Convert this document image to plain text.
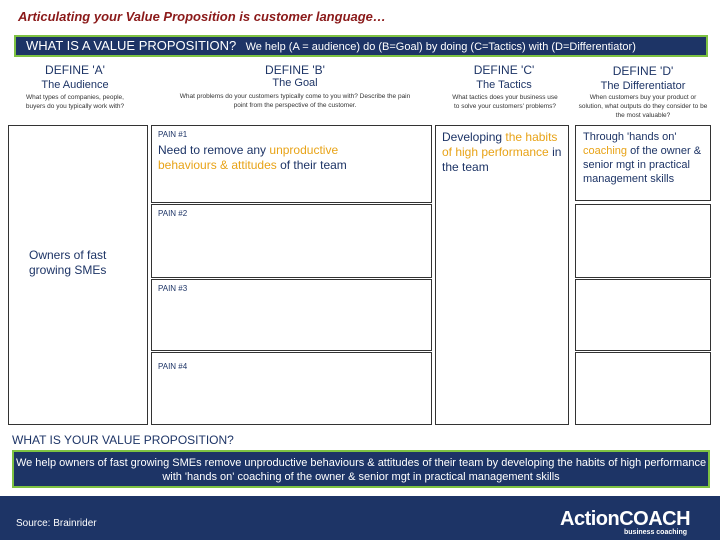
Articulating your Value Proposition is customer language…
WHAT IS A VALUE PROPOSITION? We help (A = audience) do (B=Goal) by doing (C=Tactics) with (D=Differentiator)
DEFINE 'A'
The Audience
What types of companies, people, buyers do you typically work with?
Owners of fast growing SMEs
DEFINE 'B'
The Goal
What problems do your customers typically come to you with? Describe the pain point from the perspective of the customer.
PAIN #1
Need to remove any unproductive behaviours & attitudes of their team
PAIN #2
PAIN #3
PAIN #4
DEFINE 'C'
The Tactics
What tactics does your business use to solve your customers' problems?
Developing the habits of high performance in the team
DEFINE 'D'
The Differentiator
When customers buy your product or solution, what outputs do they consider to be the most valuable?
Through 'hands on' coaching of the owner & senior mgt in practical management skills
WHAT IS YOUR VALUE PROPOSITION?
We help owners of fast growing SMEs remove unproductive behaviours & attitudes of their team by developing the habits of high performance with 'hands on' coaching of the owner & senior mgt in practical management skills
Source: Brainrider	ActionCOACH
business coaching
